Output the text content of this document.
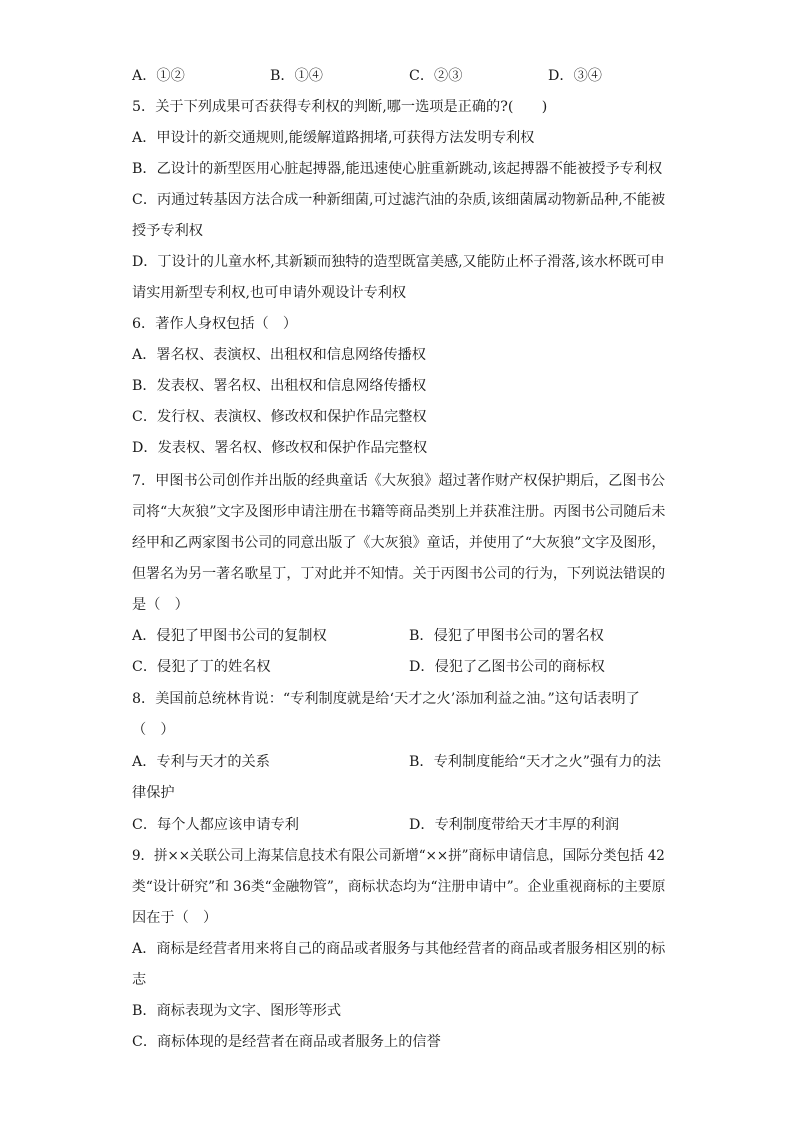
A．①②	B．①④	C．②③	D．③④
5．关于下列成果可否获得专利权的判断,哪一选项是正确的?(　　)
A．甲设计的新交通规则,能缓解道路拥堵,可获得方法发明专利权
B．乙设计的新型医用心脏起搏器,能迅速使心脏重新跳动,该起搏器不能被授予专利权
C．丙通过转基因方法合成一种新细菌,可过滤汽油的杂质,该细菌属动物新品种,不能被
授予专利权
D．丁设计的儿童水杯,其新颖而独特的造型既富美感,又能防止杯子滑落,该水杯既可申
请实用新型专利权,也可申请外观设计专利权
6．著作人身权包括（　）
A．署名权、表演权、出租权和信息网络传播权
B．发表权、署名权、出租权和信息网络传播权
C．发行权、表演权、修改权和保护作品完整权
D．发表权、署名权、修改权和保护作品完整权
7．甲图书公司创作并出版的经典童话《大灰狼》超过著作财产权保护期后，乙图书公
司将“大灰狼”文字及图形申请注册在书籍等商品类别上并获准注册。丙图书公司随后未
经甲和乙两家图书公司的同意出版了《大灰狼》童话，并使用了“大灰狼”文字及图形，
但署名为另一著名歌星丁，丁对此并不知情。关于丙图书公司的行为，下列说法错误的
是（　）
A．侵犯了甲图书公司的复制权	B．侵犯了甲图书公司的署名权
C．侵犯了丁的姓名权	D．侵犯了乙图书公司的商标权
8．美国前总统林肯说：“专利制度就是给‘天才之火’添加利益之油。”这句话表明了
（　）
A．专利与天才的关系	B．专利制度能给“天才之火”强有力的法
律保护
C．每个人都应该申请专利	D．专利制度带给天才丰厚的利润
9．拼××关联公司上海某信息技术有限公司新增“××拼”商标申请信息，国际分类包括 42
类“设计研究”和 36类“金融物管”，商标状态均为“注册申请中”。企业重视商标的主要原
因在于（　）
A．商标是经营者用来将自己的商品或者服务与其他经营者的商品或者服务相区别的标
志
B．商标表现为文字、图形等形式
C．商标体现的是经营者在商品或者服务上的信誉
